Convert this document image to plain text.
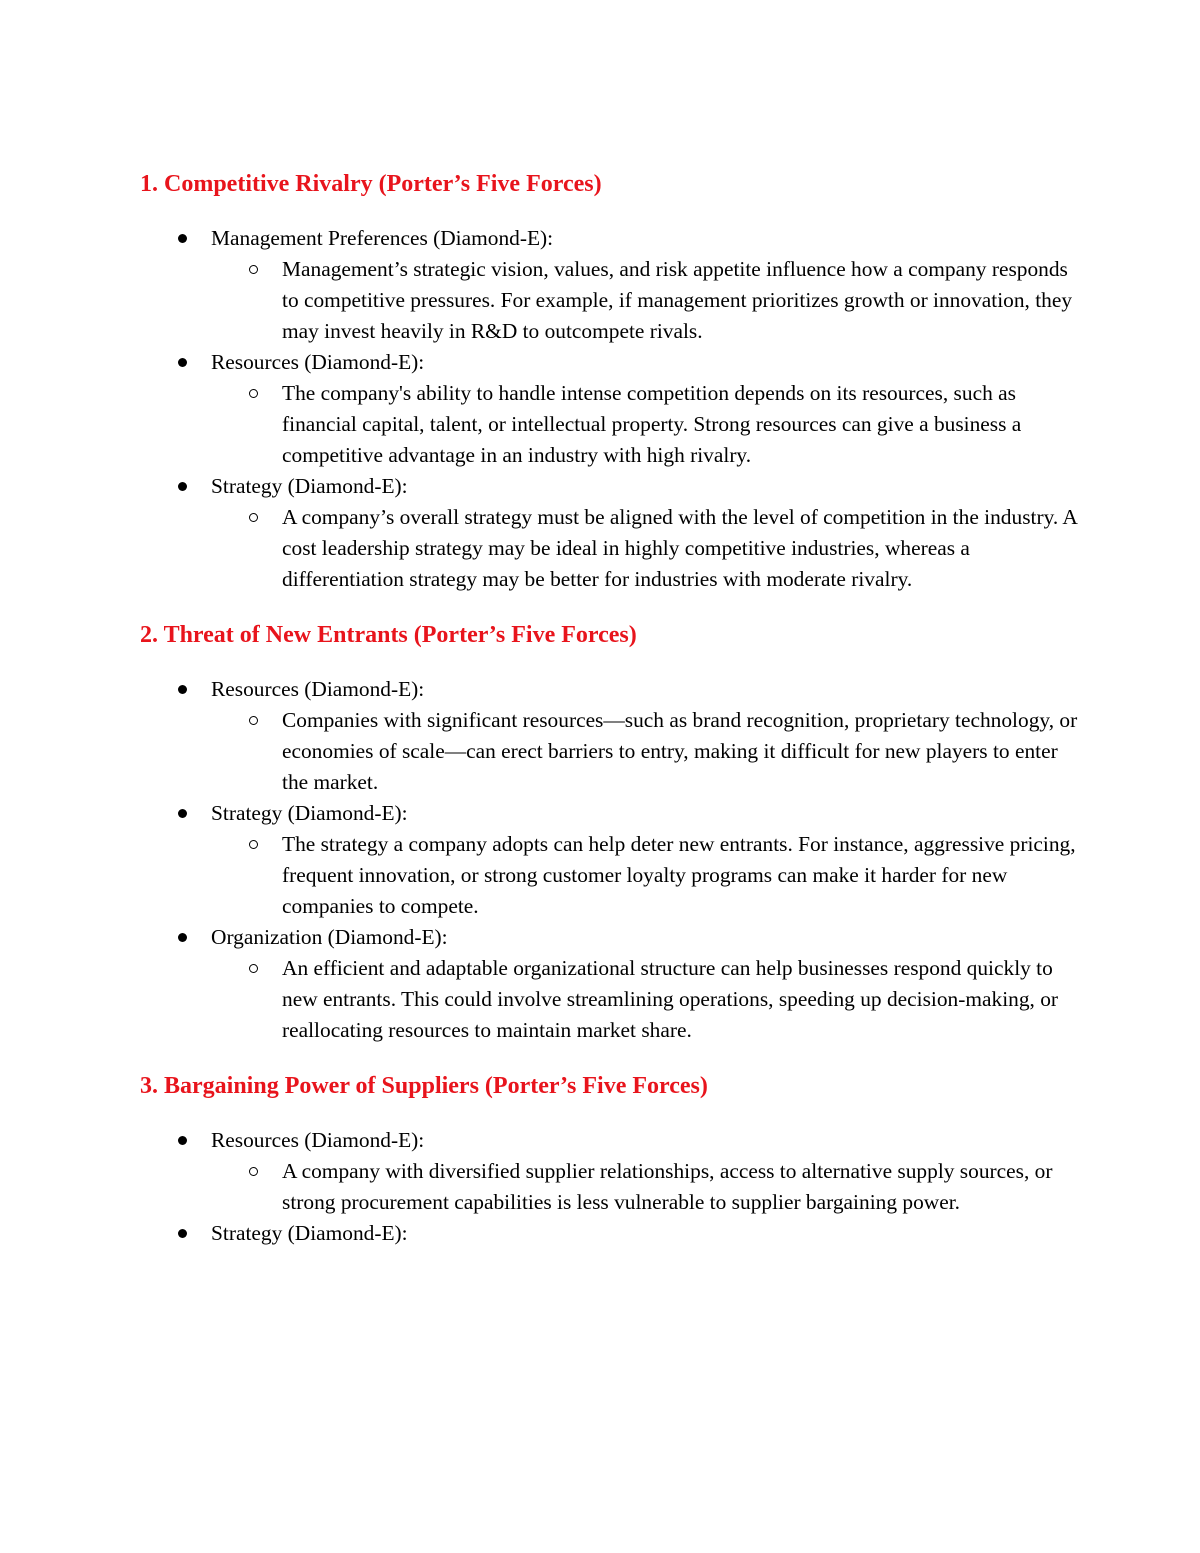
1. Competitive Rivalry (Porter’s Five Forces)
Management Preferences (Diamond-E):
Management’s strategic vision, values, and risk appetite influence how a company responds to competitive pressures. For example, if management prioritizes growth or innovation, they may invest heavily in R&D to outcompete rivals.
Resources (Diamond-E):
The company's ability to handle intense competition depends on its resources, such as financial capital, talent, or intellectual property. Strong resources can give a business a competitive advantage in an industry with high rivalry.
Strategy (Diamond-E):
A company’s overall strategy must be aligned with the level of competition in the industry. A cost leadership strategy may be ideal in highly competitive industries, whereas a differentiation strategy may be better for industries with moderate rivalry.
2. Threat of New Entrants (Porter’s Five Forces)
Resources (Diamond-E):
Companies with significant resources—such as brand recognition, proprietary technology, or economies of scale—can erect barriers to entry, making it difficult for new players to enter the market.
Strategy (Diamond-E):
The strategy a company adopts can help deter new entrants. For instance, aggressive pricing, frequent innovation, or strong customer loyalty programs can make it harder for new companies to compete.
Organization (Diamond-E):
An efficient and adaptable organizational structure can help businesses respond quickly to new entrants. This could involve streamlining operations, speeding up decision-making, or reallocating resources to maintain market share.
3. Bargaining Power of Suppliers (Porter’s Five Forces)
Resources (Diamond-E):
A company with diversified supplier relationships, access to alternative supply sources, or strong procurement capabilities is less vulnerable to supplier bargaining power.
Strategy (Diamond-E):
